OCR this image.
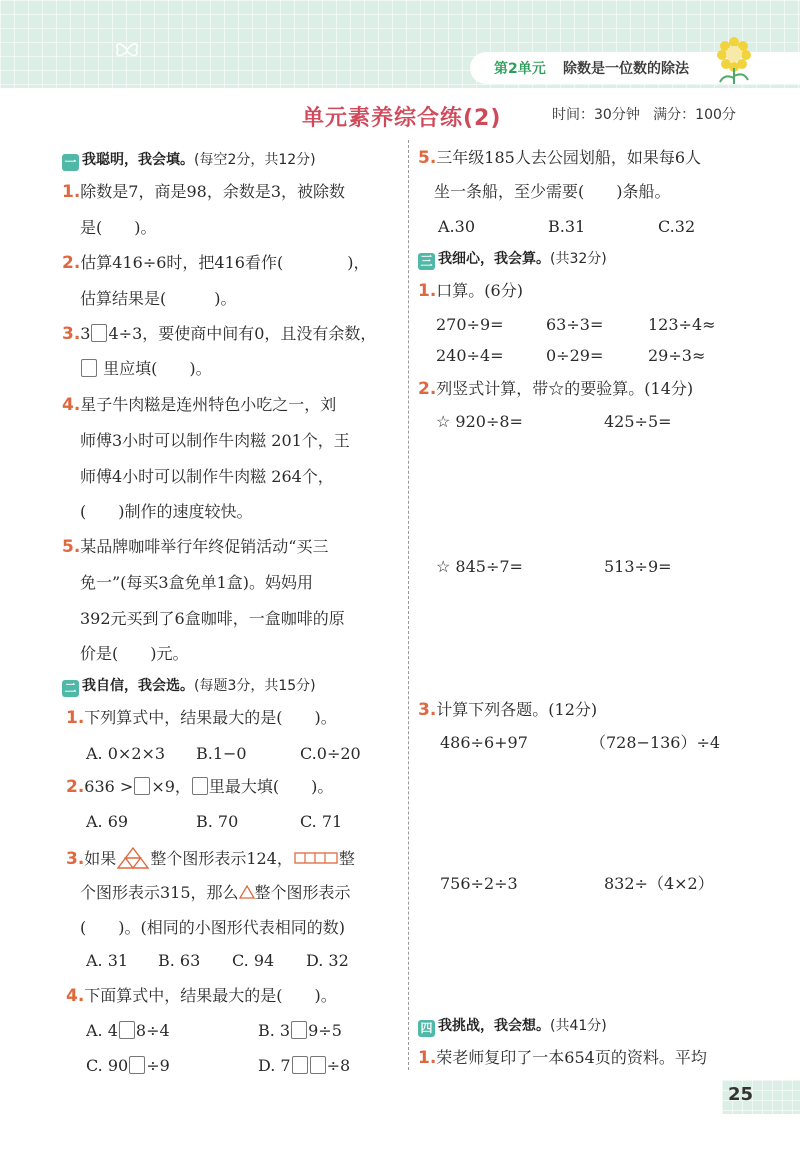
第2单元 除数是一位数的除法
单元素养综合练(2)	时间：30分钟   满分：100分
一 我聪明，我会填。(每空2分，共12分)
1.除数是7，商是98，余数是3，被除数
是(　　)。
2.估算416÷6时，把416看作(　　　　)，
估算结果是(　　　)。
3.3 4÷3，要使商中间有0，且没有余数，
里应填(　　)。
4.星子牛肉糍是连州特色小吃之一，刘
师傅3小时可以制作牛肉糍 201个，王
师傅4小时可以制作牛肉糍 264个，
(　　)制作的速度较快。
5.某品牌咖啡举行年终促销活动“买三
免一”(每买3盒免单1盒)。妈妈用
392元买到了6盒咖啡，一盒咖啡的原
价是(　　)元。
二 我自信，我会选。(每题3分，共15分)
1.下列算式中，结果最大的是(　　)。
A. 0×2×3 B.1−0	C.0÷20
2.636 > ×9， 里最大填(　　)。
A. 69	B. 70	C. 71
3.如果 整个图形表示124，	整
个图形表示315，那么 整个图形表示
(　　)。(相同的小图形代表相同的数)
A. 31 B. 63 C. 94 D. 32
4.下面算式中，结果最大的是(　　)。
A. 4 8÷4	B. 3 9÷5
C. 90 ÷9	D. 7 ÷8
5.三年级185人去公园划船，如果每6人
坐一条船，至少需要(　　)条船。
A.30	B.31	C.32
三 我细心，我会算。(共32分)
1.口算。(6分)
270÷9=	63÷3=	123÷4≈
240÷4=	0÷29=	29÷3≈
2.列竖式计算，带☆的要验算。(14分)
☆ 920÷8=	425÷5=
☆ 845÷7=	513÷9=
3.计算下列各题。(12分)
486÷6+97	（728−136）÷4
756÷2÷3	832÷（4×2）
四 我挑战，我会想。(共41分)
1.荣老师复印了一本654页的资料。平均
25
